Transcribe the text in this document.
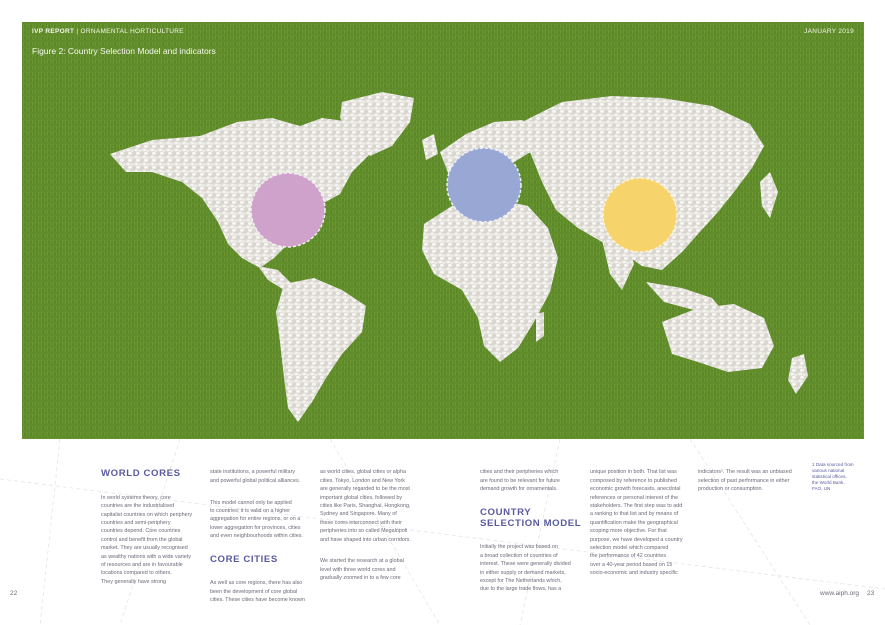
IVP REPORT | ORNAMENTAL HORTICULTURE	JANUARY 2019
Figure 2: Country Selection Model and indicators

WORLD CORES

In world systems theory, core
countries are the industrialised
capitalist countries on which periphery
countries and semi-periphery
countries depend. Core countries
control and benefit from the global
market. They are usually recognised
as wealthy nations with a wide variety
of resources and are in favourable
locations compared to others.
They generally have strong

state institutions, a powerful military
and powerful global political alliances.

This model cannot only be applied
to countries; it is valid on a higher
aggregation for entire regions, or on a
lower aggregation for provinces, cities
and even neighbourhoods within cities.

CORE CITIES

As well as core regions, there has also
been the development of core global
cities. These cities have become known

as world cities, global cities or alpha
cities. Tokyo, London and New York
are generally regarded to be the most
important global cities, followed by
cities like Paris, Shanghai, Hongkong,
Sydney and Singapore. Many of
these cores interconnect with their
peripheries into so called Megalopoli
and have shaped into urban corridors.

We started the research at a global
level with three world cores and
gradually zoomed in to a few core

cities and their peripheries which
are found to be relevant for future
demand growth for ornamentals.

COUNTRY
SELECTION MODEL

Initially the project was based on
a broad collection of countries of
interest. These were generally divided
in either supply or demand markets,
except for The Netherlands which,
due to the large trade flows, has a

unique position in both. That list was
composed by reference to published
economic growth forecasts, anecdotal
references or personal interest of the
stakeholders. The first step was to add
a ranking to that list and by means of
quantification make the geographical
scoping more objective. For that
purpose, we have developed a country
selection model which compared
the performance of 42 countries
over a 40-year period based on 15
socio-economic and industry specific

indicators¹. The result was an unbiased
selection of past performance in either
production or consumption.

1 Data sourced from
various national
statistical offices,
the World Bank,
FAO, UN
22	www.aiph.org 23
